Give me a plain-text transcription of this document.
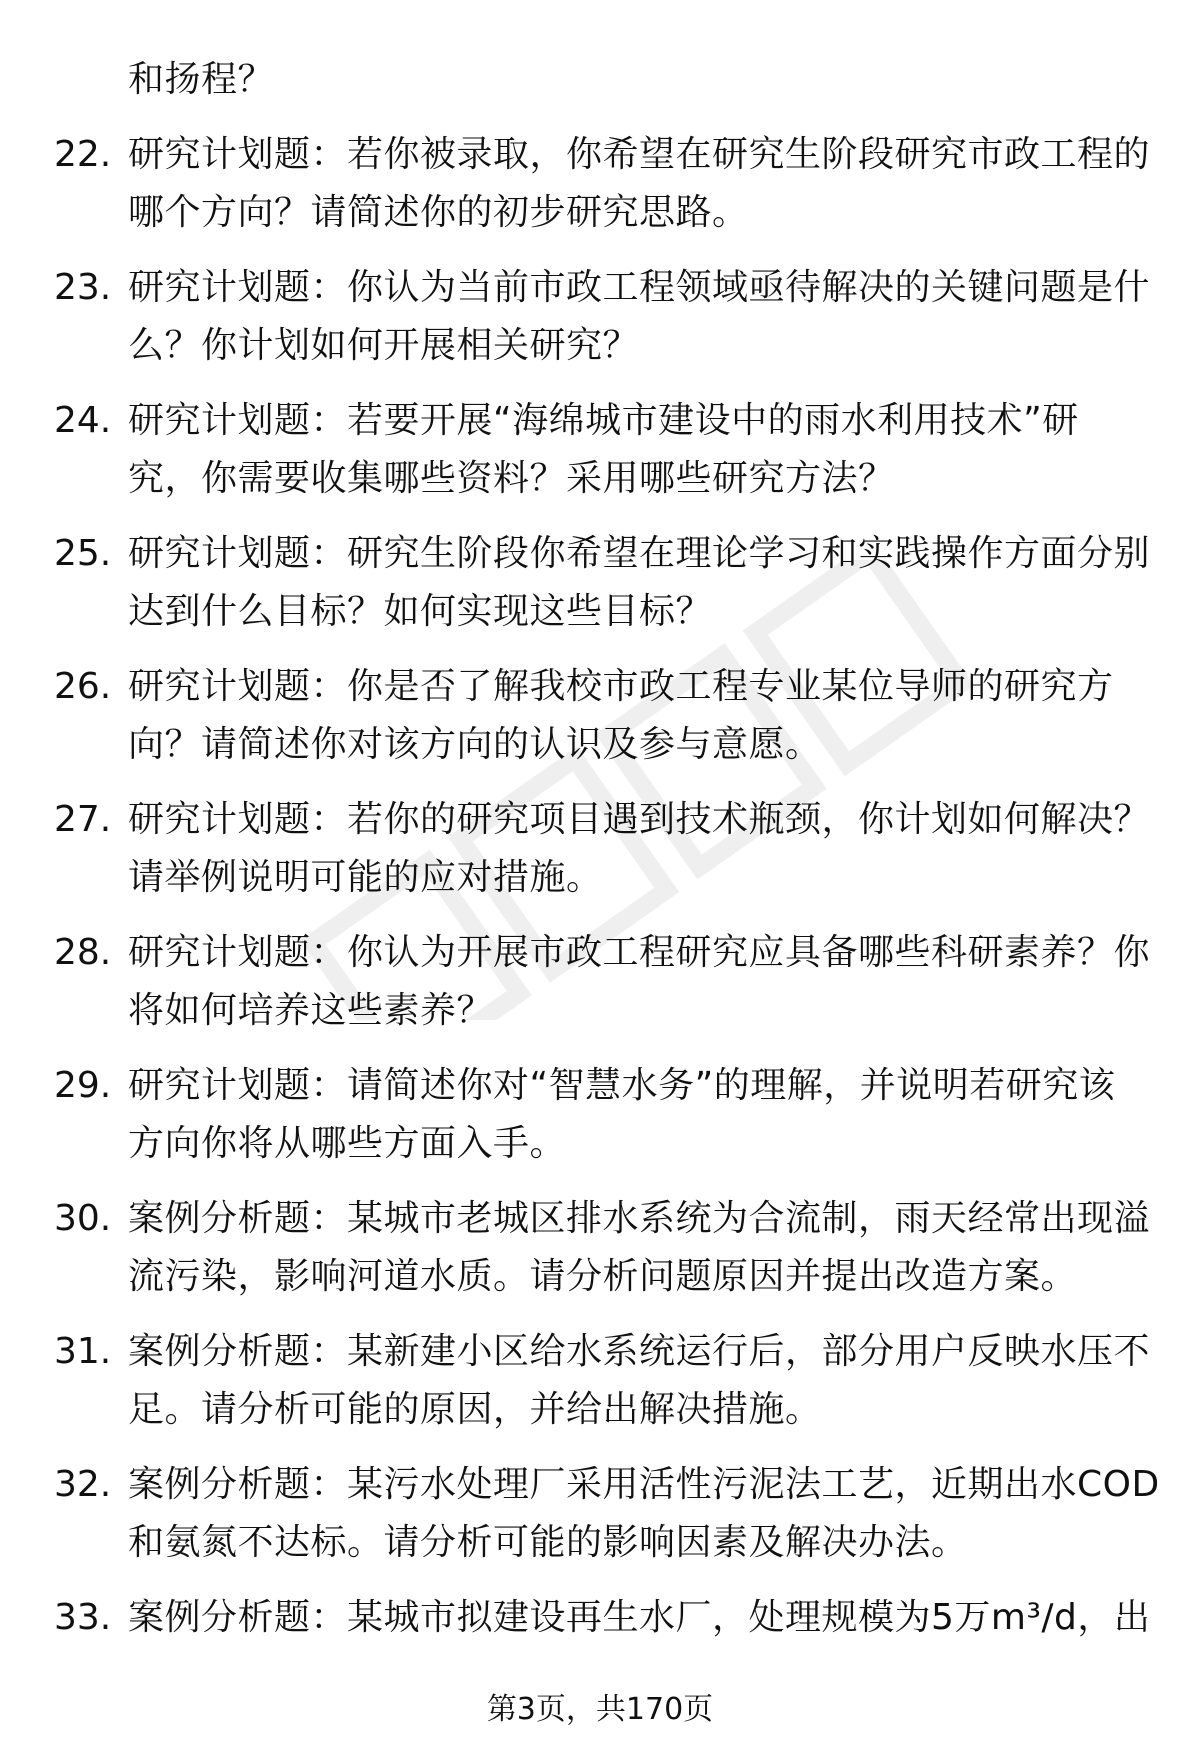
和扬程？
22. 研究计划题：若你被录取，你希望在研究生阶段研究市政工程的
哪个方向？请简述你的初步研究思路。
23. 研究计划题：你认为当前市政工程领域亟待解决的关键问题是什
么？你计划如何开展相关研究？
24. 研究计划题：若要开展“海绵城市建设中的雨水利用技术”研
究，你需要收集哪些资料？采用哪些研究方法？
25. 研究计划题：研究生阶段你希望在理论学习和实践操作方面分别
达到什么目标？如何实现这些目标？
26. 研究计划题：你是否了解我校市政工程专业某位导师的研究方
向？请简述你对该方向的认识及参与意愿。
27. 研究计划题：若你的研究项目遇到技术瓶颈，你计划如何解决？
请举例说明可能的应对措施。
28. 研究计划题：你认为开展市政工程研究应具备哪些科研素养？你
将如何培养这些素养？
29. 研究计划题：请简述你对“智慧水务”的理解，并说明若研究该
方向你将从哪些方面入手。
30. 案例分析题：某城市老城区排水系统为合流制，雨天经常出现溢
流污染，影响河道水质。请分析问题原因并提出改造方案。
31. 案例分析题：某新建小区给水系统运行后，部分用户反映水压不
足。请分析可能的原因，并给出解决措施。
32. 案例分析题：某污水处理厂采用活性污泥法工艺，近期出水COD
和氨氮不达标。请分析可能的影响因素及解决办法。
33. 案例分析题：某城市拟建设再生水厂，处理规模为5万m³/d，出
第3页，共170页
